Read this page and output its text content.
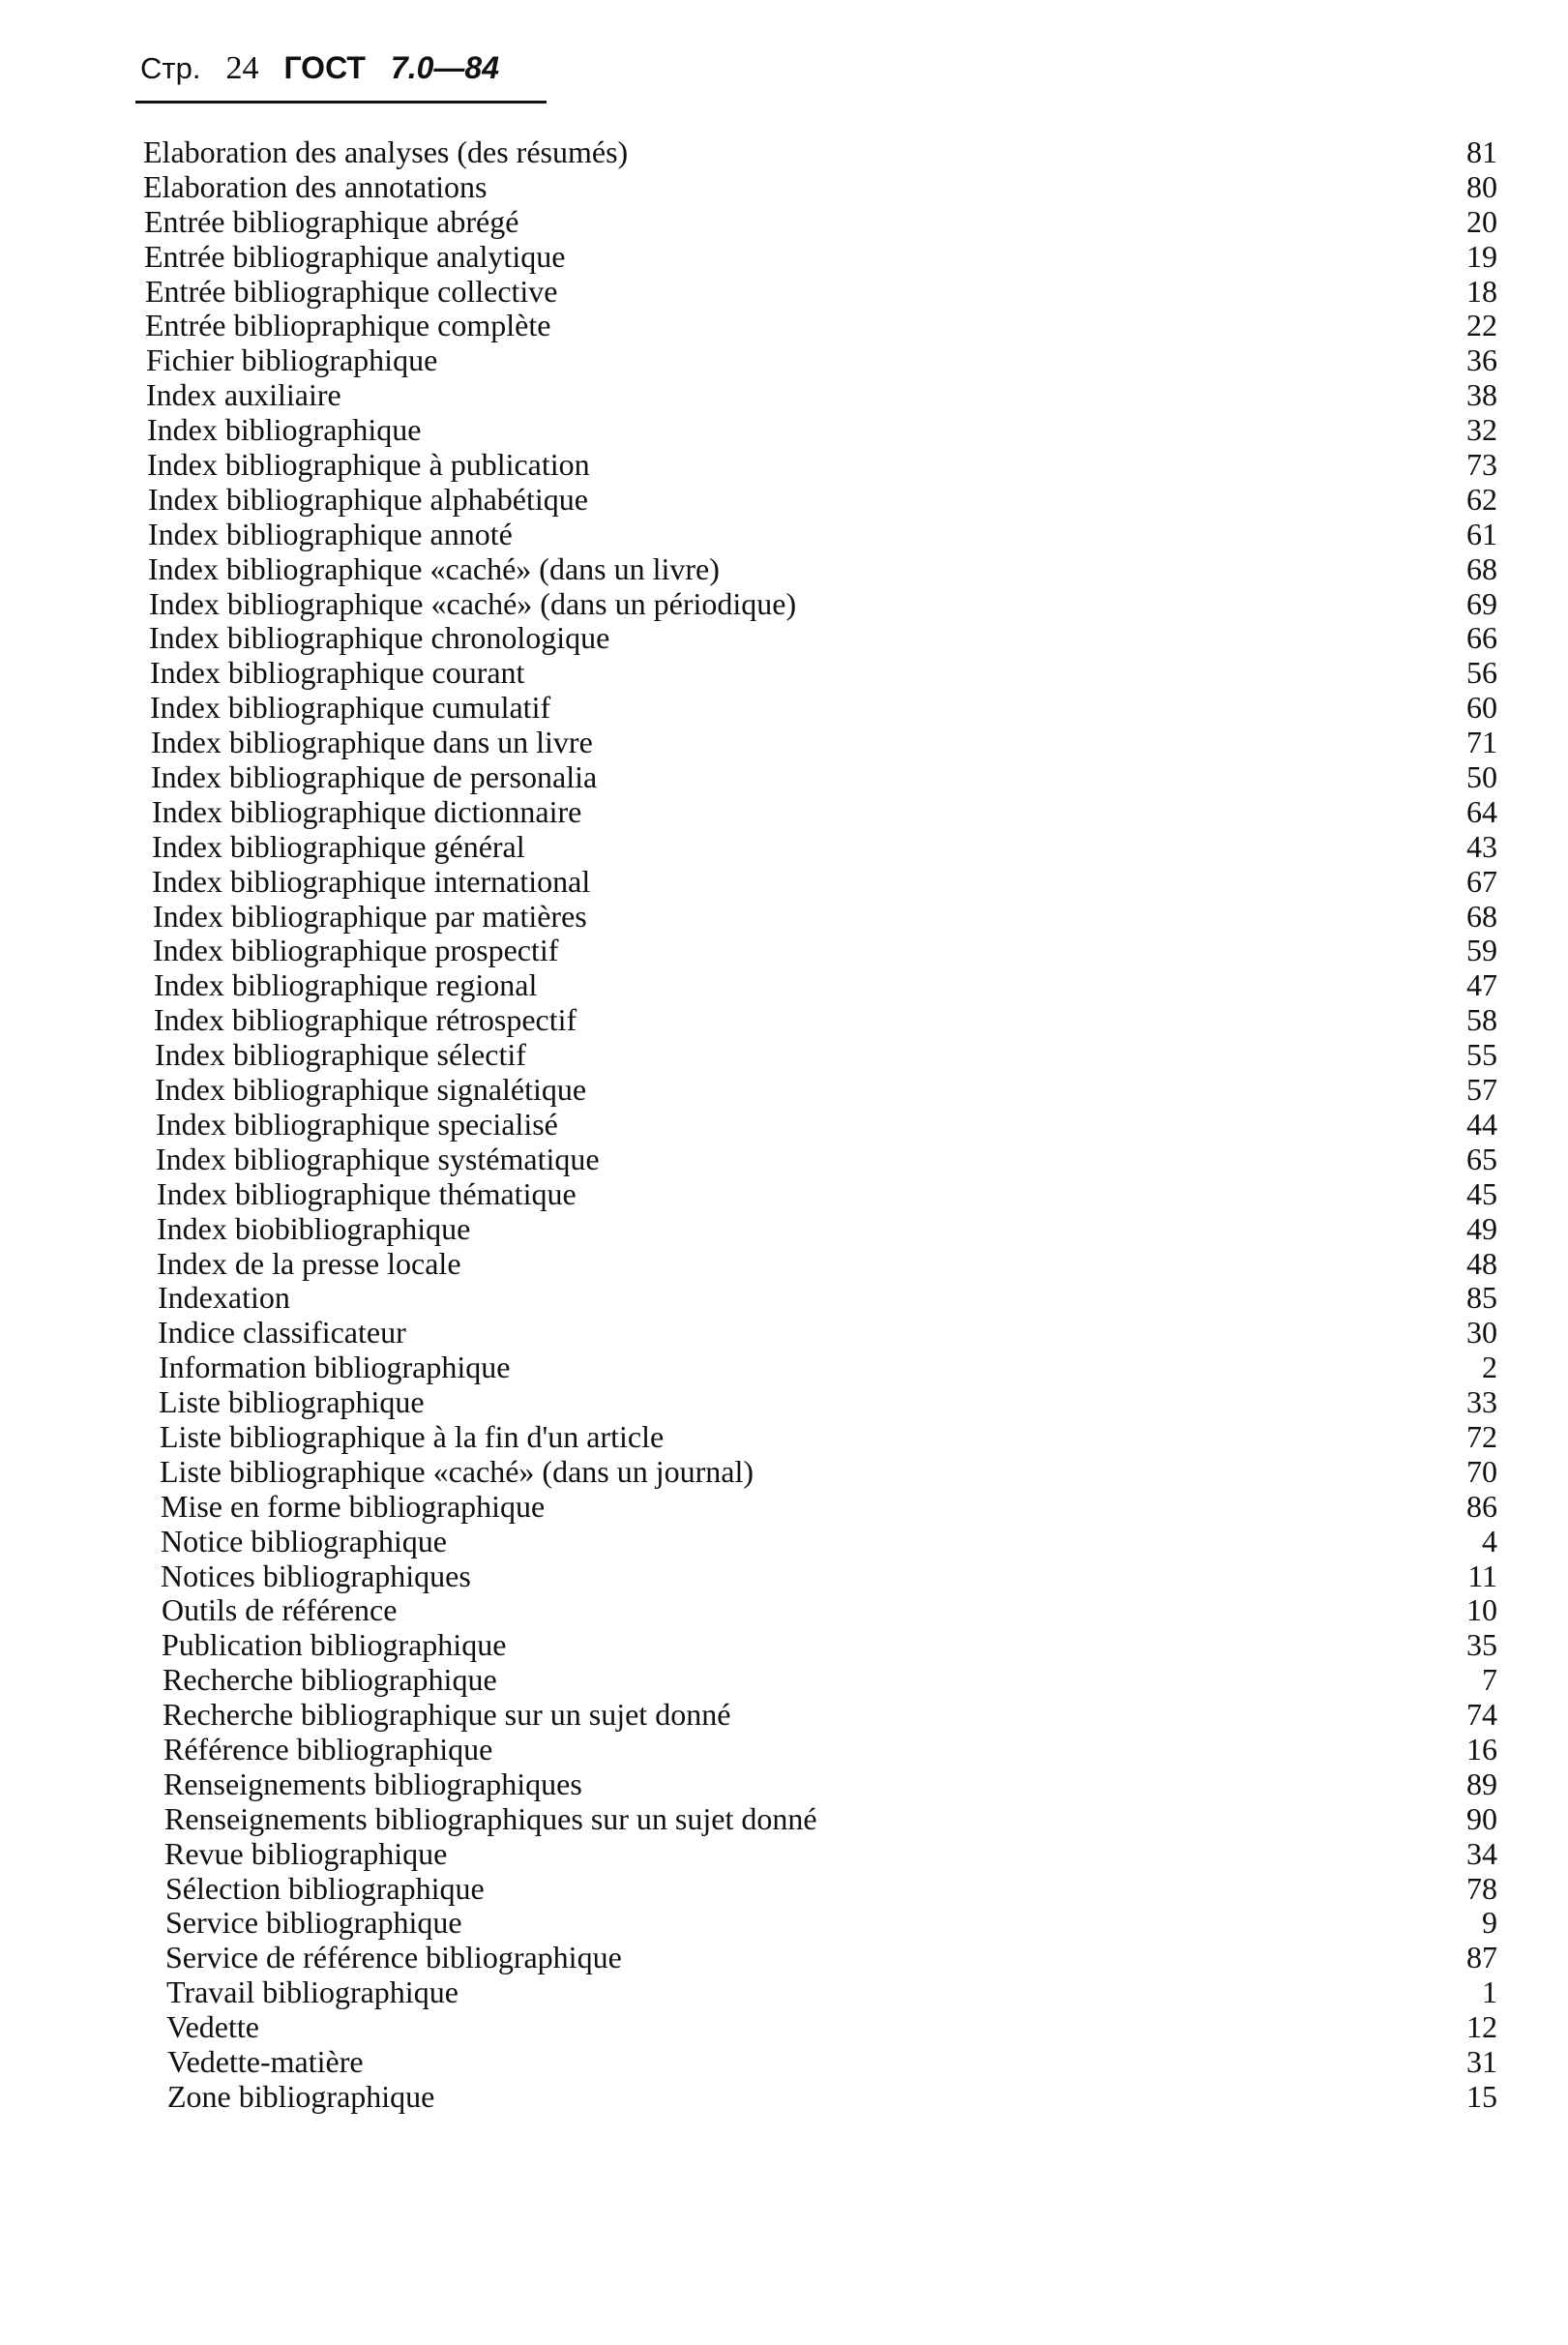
Стр. 24 ГОСТ 7.0—84
Elaboration des analyses (des résumés)	81
Elaboration des annotations	80
Entrée bibliographique abrégé	20
Entrée bibliographique analytique	19
Entrée bibliographique collective	18
Entrée bibliopraphique complète	22
Fichier bibliographique	36
Index auxiliaire	38
Index bibliographique	32
Index bibliographique à publication	73
Index bibliographique alphabétique	62
Index bibliographique annoté	61
Index bibliographique «caché» (dans un livre)	68
Index bibliographique «caché» (dans un périodique)	69
Index bibliographique chronologique	66
Index bibliographique courant	56
Index bibliographique cumulatif	60
Index bibliographique dans un livre	71
Index bibliographique de personalia	50
Index bibliographique dictionnaire	64
Index bibliographique général	43
Index bibliographique international	67
Index bibliographique par matières	68
Index bibliographique prospectif	59
Index bibliographique regional	47
Index bibliographique rétrospectif	58
Index bibliographique sélectif	55
Index bibliographique signalétique	57
Index bibliographique specialisé	44
Index bibliographique systématique	65
Index bibliographique thématique	45
Index biobibliographique	49
Index de la presse locale	48
Indexation	85
Indice classificateur	30
Information bibliographique	2
Liste bibliographique	33
Liste bibliographique à la fin d'un article	72
Liste bibliographique «caché» (dans un journal)	70
Mise en forme bibliographique	86
Notice bibliographique	4
Notices bibliographiques	11
Outils de référence	10
Publication bibliographique	35
Recherche bibliographique	7
Recherche bibliographique sur un sujet donné	74
Référence bibliographique	16
Renseignements bibliographiques	89
Renseignements bibliographiques sur un sujet donné	90
Revue bibliographique	34
Sélection bibliographique	78
Service bibliographique	9
Service de référence bibliographique	87
Travail bibliographique	1
Vedette	12
Vedette-matière	31
Zone bibliographique	15
